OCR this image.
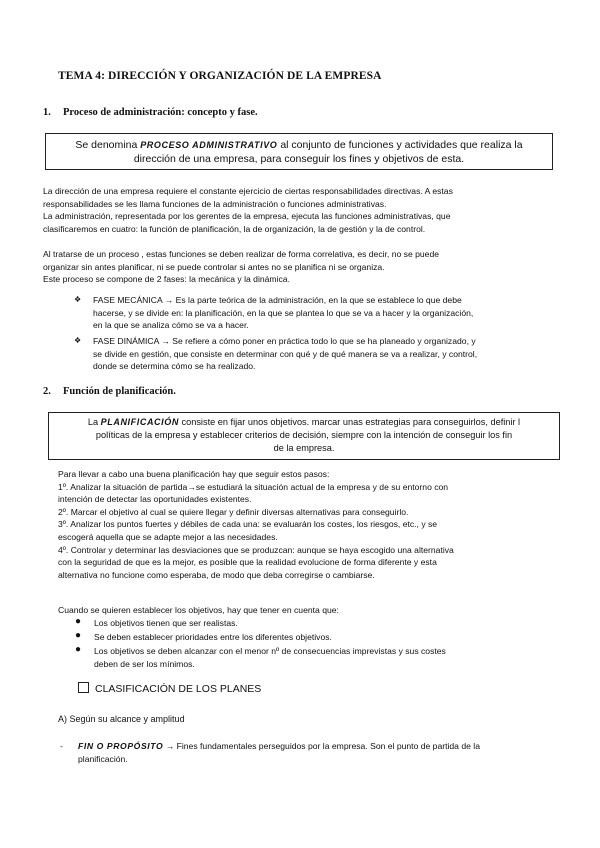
TEMA 4: DIRECCIÓN Y ORGANIZACIÓN DE LA EMPRESA
1. Proceso de administración: concepto y fase.
Se denomina PROCESO ADMINISTRATIVO al conjunto de funciones y actividades que realiza la
dirección de una empresa, para conseguir los fines y objetivos de esta.

La dirección de una empresa requiere el constante ejercicio de ciertas responsabilidades directivas. A estas

responsabilidades se les llama funciones de la administración o funciones administrativas.

La administración, representada por los gerentes de la empresa, ejecuta las funciones administrativas, que

clasificaremos en cuatro: la función de planificación, la de organización, la de gestión y la de control.

Al tratarse de un proceso , estas funciones se deben realizar de forma correlativa, es decir, no se puede

organizar sin antes planificar, ni se puede controlar si antes no se planifica ni se organiza.

Este proceso se compone de 2 fases: la mecánica y la dinámica.

❖ FASE MECÁNICA → Es la parte teórica de la administración, en la que se establece lo que debe

hacerse, y se divide en: la planificación, en la que se plantea lo que se va a hacer y la organización,

en la que se analiza cómo se va a hacer.

❖ FASE DINÁMICA → Se refiere a cómo poner en práctica todo lo que se ha planeado y organizado, y

se divide en gestión, que consiste en determinar con qué y de qué manera se va a realizar, y control,

donde se determina cómo se ha realizado.

2. Función de planificación.
La PLANIFICACIÓN consiste en fijar unos objetivos. marcar unas estrategias para conseguirlos, definir l
políticas de la empresa y establecer criterios de decisión, siempre con la intención de conseguir los fin
de la empresa.

Para llevar a cabo una buena planificación hay que seguir estos pasos:

1º. Analizar la situación de partida→se estudiará la situación actual de la empresa y de su entorno con

intención de detectar las oportunidades existentes.

2º. Marcar el objetivo al cual se quiere llegar y definir diversas alternativas para conseguirlo.

3º. Analizar los puntos fuertes y débiles de cada una: se evaluarán los costes, los riesgos, etc., y se

escogerá aquella que se adapte mejor a las necesidades.

4º. Controlar y determinar las desviaciones que se produzcan: aunque se haya escogido una alternativa

con la seguridad de que es la mejor, es posible que la realidad evolucione de forma diferente y esta

alternativa no funcione como esperaba, de modo que deba corregirse o cambiarse.

Cuando se quieren establecer los objetivos, hay que tener en cuenta que:
● Los objetivos tienen que ser realistas.

● Se deben establecer prioridades entre los diferentes objetivos.

● Los objetivos se deben alcanzar con el menor nº de consecuencias imprevistas y sus costes

deben de ser los mínimos.

CLASIFICACIÓN DE LOS PLANES
A) Según su alcance y amplitud
- FIN O PROPÓSITO → Fines fundamentales perseguidos por la empresa. Son el punto de partida de la

planificación.
